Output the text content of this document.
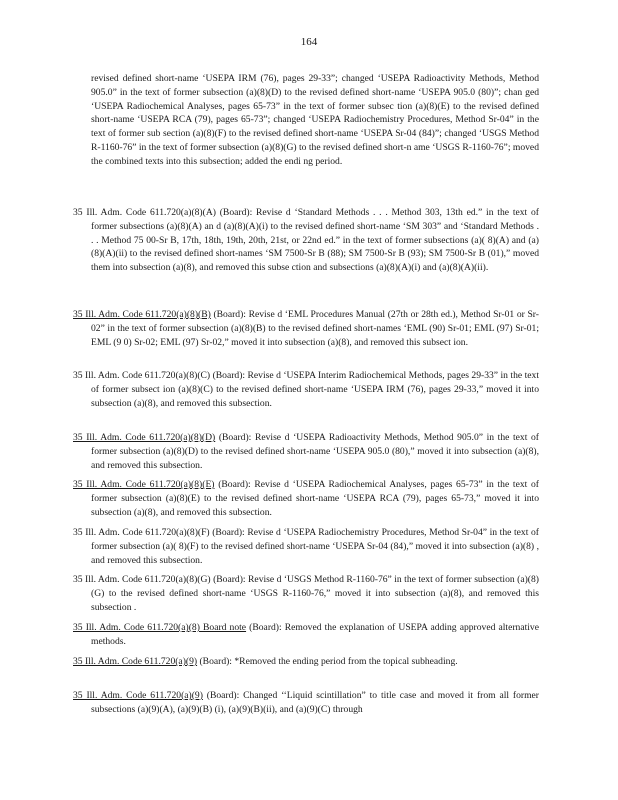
164

revised defined short-name ‘USEPA IRM (76), pages 29-33”; changed ‘USEPA Radioactivity Methods, Method 905.0” in the text of former subsection (a)(8)(D) to the revised defined short-name ‘USEPA 905.0 (80)”; chan ged ‘USEPA Radiochemical Analyses, pages 65-73” in the text of former subsec tion (a)(8)(E) to the revised defined short-name ‘USEPA RCA (79), pages 65-73”; changed ‘USEPA Radiochemistry Procedures, Method Sr-04” in the text of former sub section (a)(8)(F) to the revised defined short-name ‘USEPA Sr-04 (84)”; changed ‘USGS Method R-1160-76” in the text of former subsection (a)(8)(G) to the revised defined short-n ame ‘USGS R-1160-76”; moved the combined texts into this subsection; added the endi ng period.

35 Ill. Adm. Code 611.720(a)(8)(A) (Board): Revise d ‘Standard Methods . . . Method 303, 13th ed.” in the text of former subsections (a)(8)(A) an d (a)(8)(A)(i) to the revised defined short-name ‘SM 303” and ‘Standard Methods . . . Method 75 00-Sr B, 17th, 18th, 19th, 20th, 21st, or 22nd ed.” in the text of former subsections (a)( 8)(A) and (a)(8)(A)(ii) to the revised defined short-names ‘SM 7500-Sr B (88); SM 7500-Sr B (93); SM 7500-Sr B (01),” moved them into subsection (a)(8), and removed this subse ction and subsections (a)(8)(A)(i) and (a)(8)(A)(ii).

35 Ill. Adm. Code 611.720(a)(8)(B) (Board): Revise d ‘EML Procedures Manual (27th or 28th ed.), Method Sr-01 or Sr-02” in the text of former subsection (a)(8)(B) to the revised defined short-names ‘EML (90) Sr-01; EML (97) Sr-01; EML (9 0) Sr-02; EML (97) Sr-02,” moved it into subsection (a)(8), and removed this subsect ion.

35 Ill. Adm. Code 611.720(a)(8)(C) (Board): Revise d ‘USEPA Interim Radiochemical Methods, pages 29-33” in the text of former subsect ion (a)(8)(C) to the revised defined short-name ‘USEPA IRM (76), pages 29-33,” moved it into subsection (a)(8), and removed this subsection.

35 Ill. Adm. Code 611.720(a)(8)(D) (Board): Revise d ‘USEPA Radioactivity Methods, Method 905.0” in the text of former subsection (a)(8)(D) to the revised defined short-name ‘USEPA 905.0 (80),” moved it into subsection (a)(8), and removed this subsection.

35 Ill. Adm. Code 611.720(a)(8)(E) (Board): Revise d ‘USEPA Radiochemical Analyses, pages 65-73” in the text of former subsection (a)(8)(E) to the revised defined short-name ‘USEPA RCA (79), pages 65-73,” moved it into subsection (a)(8), and removed this subsection.

35 Ill. Adm. Code 611.720(a)(8)(F) (Board): Revise d ‘USEPA Radiochemistry Procedures, Method Sr-04” in the text of former subsection (a)( 8)(F) to the revised defined short-name ‘USEPA Sr-04 (84),” moved it into subsection (a)(8) , and removed this subsection.

35 Ill. Adm. Code 611.720(a)(8)(G) (Board): Revise d ‘USGS Method R-1160-76” in the text of former subsection (a)(8)(G) to the revised defined short-name ‘USGS R-1160-76,” moved it into subsection (a)(8), and removed this subsection .

35 Ill. Adm. Code 611.720(a)(8) Board note (Board): Removed the explanation of USEPA adding approved alternative methods.

35 Ill. Adm. Code 611.720(a)(9) (Board): *Removed the ending period from the topical subheading.

35 Ill. Adm. Code 611.720(a)(9) (Board): Changed ‘‘Liquid scintillation” to title case and moved it from all former subsections (a)(9)(A), (a)(9)(B) (i), (a)(9)(B)(ii), and (a)(9)(C) through
